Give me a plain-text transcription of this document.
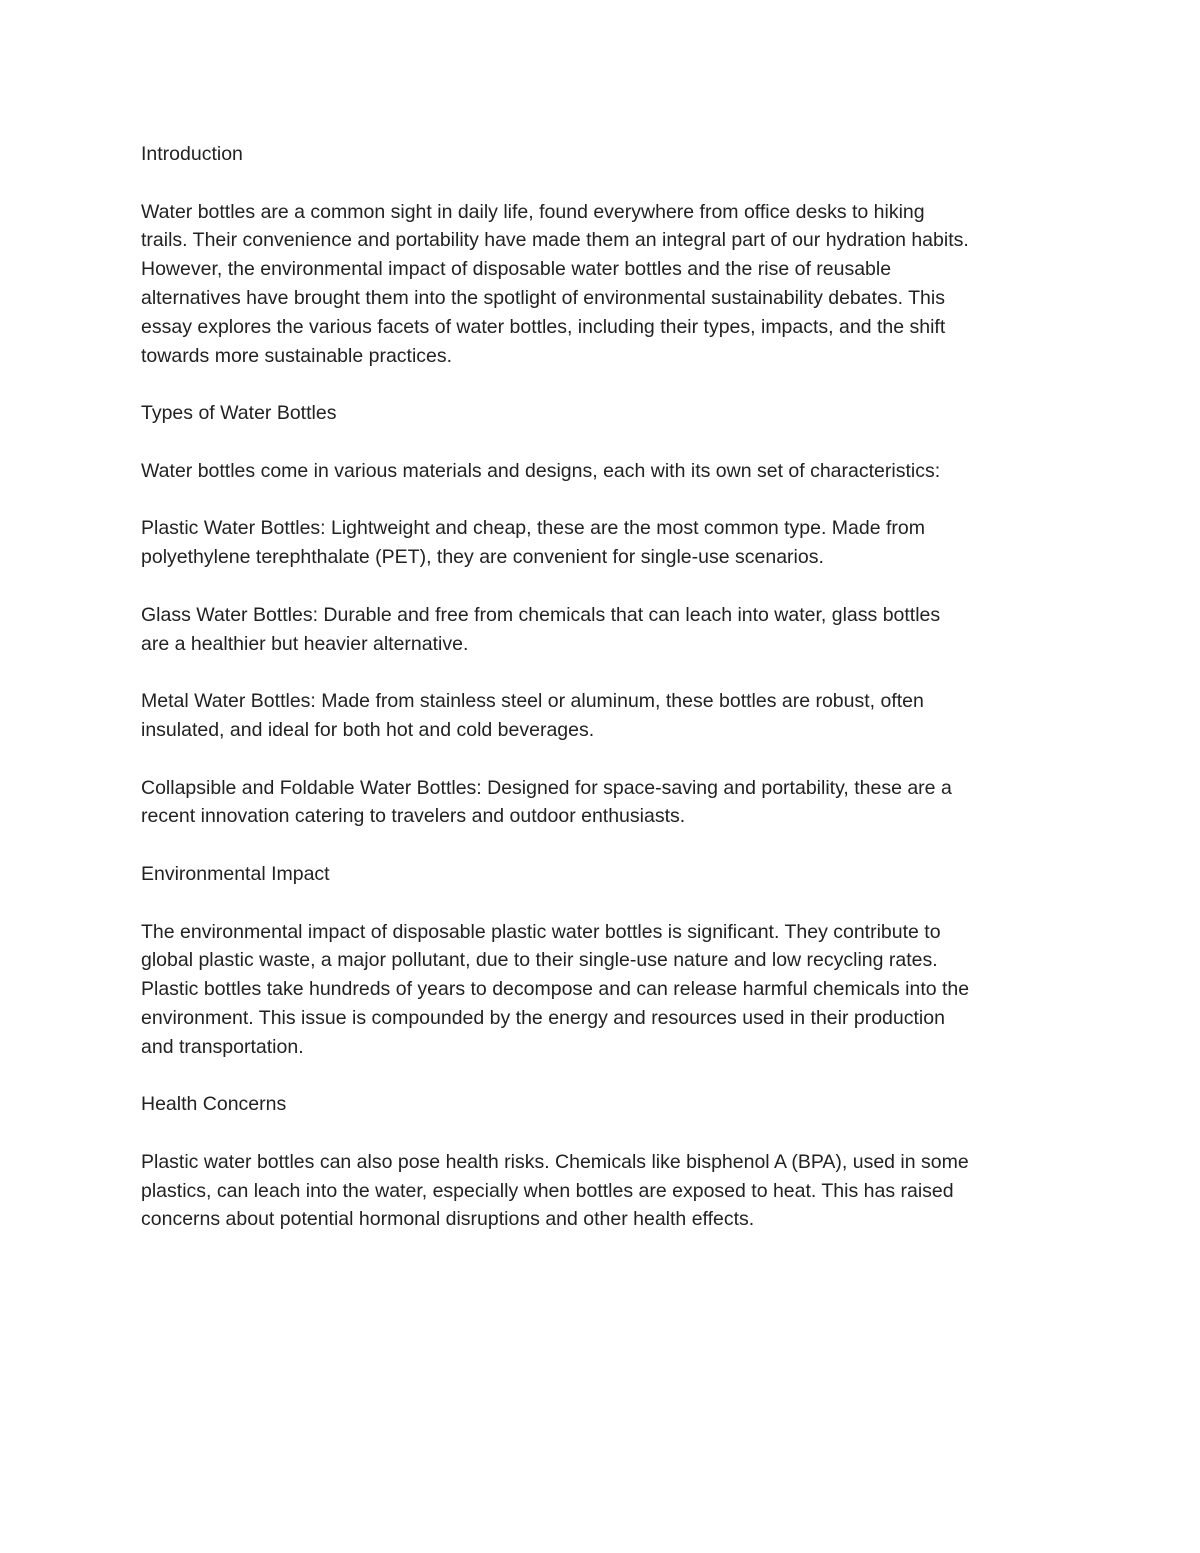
Introduction

Water bottles are a common sight in daily life, found everywhere from office desks to hiking
trails. Their convenience and portability have made them an integral part of our hydration habits.
However, the environmental impact of disposable water bottles and the rise of reusable
alternatives have brought them into the spotlight of environmental sustainability debates. This
essay explores the various facets of water bottles, including their types, impacts, and the shift
towards more sustainable practices.

Types of Water Bottles

Water bottles come in various materials and designs, each with its own set of characteristics:

Plastic Water Bottles: Lightweight and cheap, these are the most common type. Made from
polyethylene terephthalate (PET), they are convenient for single-use scenarios.

Glass Water Bottles: Durable and free from chemicals that can leach into water, glass bottles
are a healthier but heavier alternative.

Metal Water Bottles: Made from stainless steel or aluminum, these bottles are robust, often
insulated, and ideal for both hot and cold beverages.

Collapsible and Foldable Water Bottles: Designed for space-saving and portability, these are a
recent innovation catering to travelers and outdoor enthusiasts.

Environmental Impact

The environmental impact of disposable plastic water bottles is significant. They contribute to
global plastic waste, a major pollutant, due to their single-use nature and low recycling rates.
Plastic bottles take hundreds of years to decompose and can release harmful chemicals into the
environment. This issue is compounded by the energy and resources used in their production
and transportation.

Health Concerns

Plastic water bottles can also pose health risks. Chemicals like bisphenol A (BPA), used in some
plastics, can leach into the water, especially when bottles are exposed to heat. This has raised
concerns about potential hormonal disruptions and other health effects.
